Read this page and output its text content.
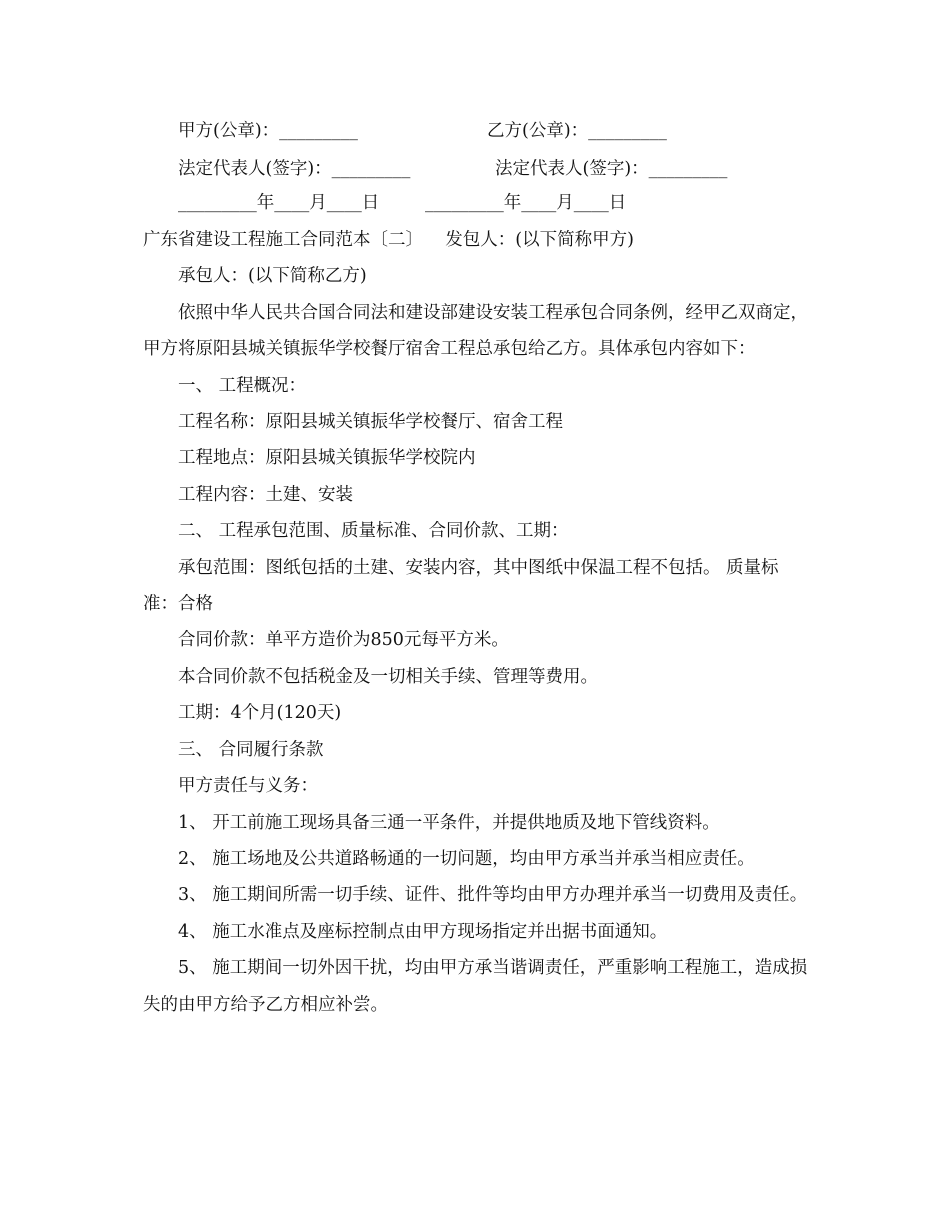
甲方(公章)：_________	乙方(公章)：_________
法定代表人(签字)：_________	法定代表人(签字)：_________
_________年____月____日	_________年____月____日

广东省建设工程施工合同范本〔二〕    发包人：(以下简称甲方)

承包人：(以下简称乙方)

依照中华人民共合国合同法和建设部建设安装工程承包合同条例，经甲乙双商定，甲方将原阳县城关镇振华学校餐厅宿舍工程总承包给乙方。具体承包内容如下：

一、 工程概况：

工程名称：原阳县城关镇振华学校餐厅、宿舍工程

工程地点：原阳县城关镇振华学校院内

工程内容：土建、安装

二、 工程承包范围、质量标准、合同价款、工期：

承包范围：图纸包括的土建、安装内容，其中图纸中保温工程不包括。 质量标准：合格

合同价款：单平方造价为850元每平方米。

本合同价款不包括税金及一切相关手续、管理等费用。

工期：4个月(120天)

三、 合同履行条款

甲方责任与义务：

1、 开工前施工现场具备三通一平条件，并提供地质及地下管线资料。

2、 施工场地及公共道路畅通的一切问题，均由甲方承当并承当相应责任。

3、 施工期间所需一切手续、证件、批件等均由甲方办理并承当一切费用及责任。

4、 施工水准点及座标控制点由甲方现场指定并出据书面通知。

5、 施工期间一切外因干扰，均由甲方承当谐调责任，严重影响工程施工，造成损失的由甲方给予乙方相应补尝。
